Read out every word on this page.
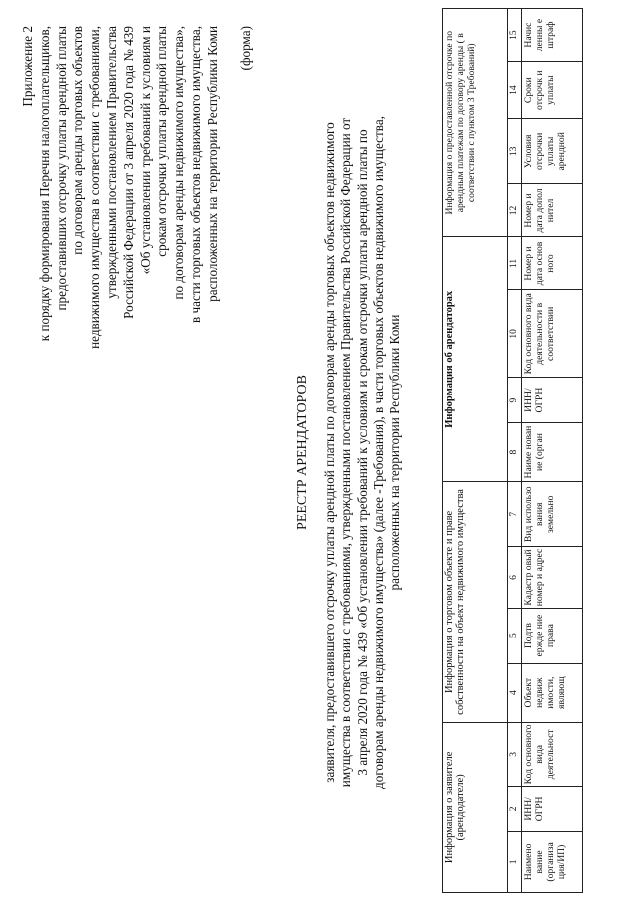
Приложение 2 к порядку формирования Перечня налогоплательщиков, предоставивших отсрочку уплаты арендной платы по договорам аренды торговых объектов недвижимого имущества в соответствии с требованиями, утвержденными постановлением Правительства Российской Федерации от 3 апреля 2020 года № 439 «Об установлении требований к условиям и срокам отсрочки уплаты арендной платы по договорам аренды недвижимого имущества», в части торговых объектов недвижимого имущества, расположенных на территории Республики Коми (форма)
РЕЕСТР АРЕНДАТОРОВ заявителя, предоставившего отсрочку уплаты арендной платы по договорам аренды торговых объектов недвижимого имущества в соответствии с требованиями, утвержденными постановлением Правительства Российской Федерации от 3 апреля 2020 года № 439 «Об установлении требований к условиям и срокам отсрочки уплаты арендной платы по договорам аренды недвижимого имущества» (далее -Требования), в части торговых объектов недвижимого имущества, расположенных на территории Республики Коми
Информация о заявителе (арендодателе)			Информация о торговом объекте и праве собственности на объект недвижимого имущества				Информация об арендаторах				Информация о предоставленной отсрочке по арендным платежам по договору аренды ( в соответствии с пунктом 3 Требований)			
1	2	3	4	5	6	7	8	9	10	11	12	13	14	15

Наимено вание (организа ция/ИП)	ИНН/ ОГРН	Код основного вида деятельност	Объект недвиж имости, являющ	Подтв ержде ние права	Кадастр овый номер и адрес	Вид использо вания земельно	Наиме нован ие (орган	ИНН/ ОГРН	Код основного вида деятельности в соответствии	Номер и дата основ ного	Номер и дата допол нител	Условия отсрочки уплаты арендной	Сроки отсрочк и уплаты	Начис ленны е штраф
